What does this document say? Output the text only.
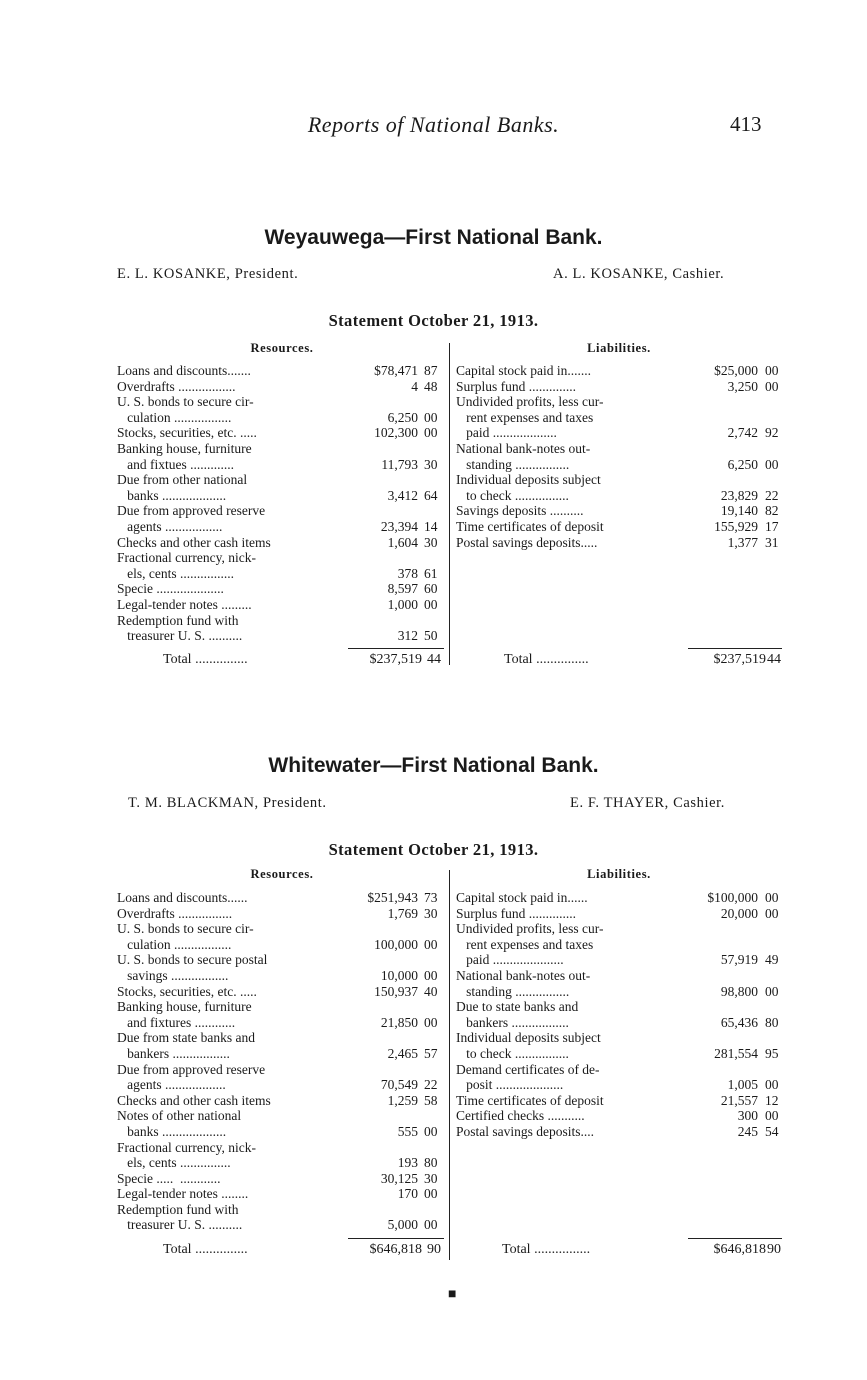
Reports of National Banks.	413
Weyauwega—First National Bank.
E. L. KOSANKE, President.	A. L. KOSANKE, Cashier.
Statement October 21, 1913.
Resources.	Liabilities.
Loans and discounts.......	$78,471 87
Overdrafts .................	4 48
U. S. bonds to secure cir-
culation .................	6,250 00
Stocks, securities, etc. .....	102,300 00
Banking house, furniture
and fixtues .............	11,793 30
Due from other national
banks ...................	3,412 64
Due from approved reserve
agents .................	23,394 14
Checks and other cash items	1,604 30
Fractional currency, nick-
els, cents ................	378 61
Specie ....................	8,597 60
Legal-tender notes .........	1,000 00
Redemption fund with
treasurer U. S. ..........	312 50
Capital stock paid in.......	$25,000 00
Surplus fund ..............	3,250 00
Undivided profits, less cur-
rent expenses and taxes
paid ...................	2,742 92
National bank-notes out-
standing ................	6,250 00
Individual deposits subject
to check ................	23,829 22
Savings deposits ..........	19,140 82
Time certificates of deposit	155,929 17
Postal savings deposits.....	1,377 31
Total ...............	$237,519 44	Total ...............	$237,519 44
Whitewater—First National Bank.
T. M. BLACKMAN, President.	E. F. THAYER, Cashier.
Statement October 21, 1913.
Resources.	Liabilities.
Loans and discounts......	$251,943 73
Overdrafts ................	1,769 30
U. S. bonds to secure cir-
culation .................	100,000 00
U. S. bonds to secure postal
savings .................	10,000 00
Stocks, securities, etc. .....	150,937 40
Banking house, furniture
and fixtures ............	21,850 00
Due from state banks and
bankers .................	2,465 57
Due from approved reserve
agents ..................	70,549 22
Checks and other cash items	1,259 58
Notes of other national
banks ...................	555 00
Fractional currency, nick-
els, cents ...............	193 80
Specie .....  ............	30,125 30
Legal-tender notes ........	170 00
Redemption fund with
treasurer U. S. ..........	5,000 00
Capital stock paid in......	$100,000 00
Surplus fund ..............	20,000 00
Undivided profits, less cur-
rent expenses and taxes
paid .....................	57,919 49
National bank-notes out-
standing ................	98,800 00
Due to state banks and
bankers .................	65,436 80
Individual deposits subject
to check ................	281,554 95
Demand certificates of de-
posit ....................	1,005 00
Time certificates of deposit	21,557 12
Certified checks ...........	300 00
Postal savings deposits....	245 54
Total ...............	$646,818 90	Total ................	$646,818 90
■
